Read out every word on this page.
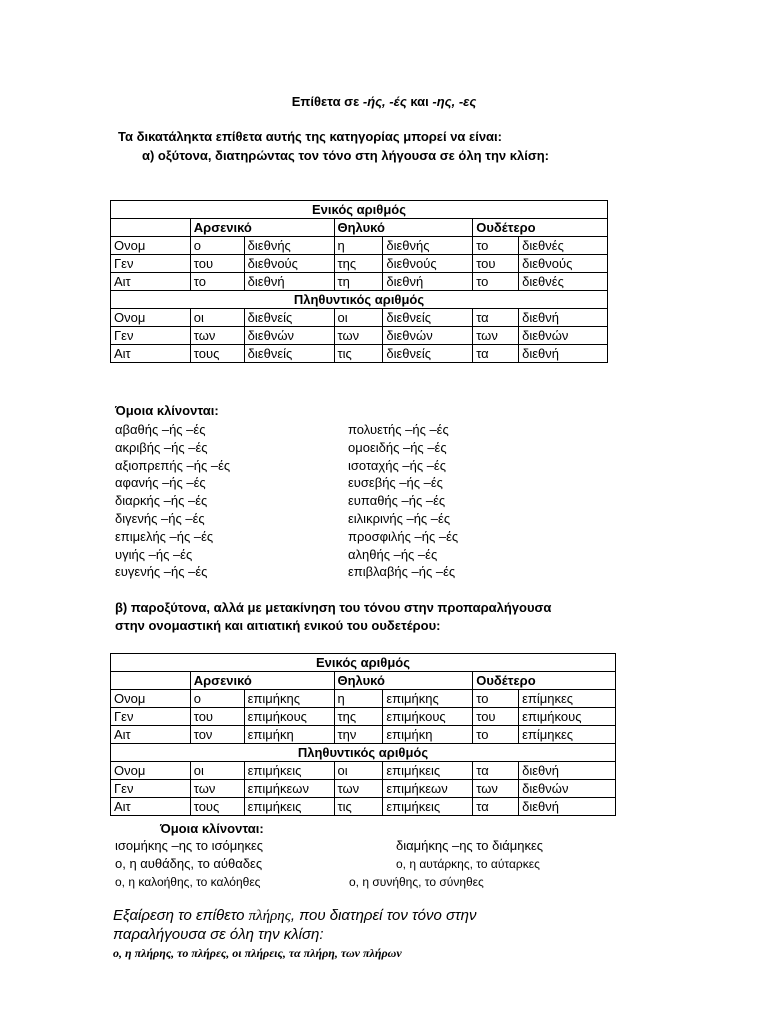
Επίθετα σε -ής, -ές και -ης, -ες
Τα δικατάληκτα επίθετα αυτής της κατηγορίας μπορεί να είναι:
α) οξύτονα, διατηρώντας τον τόνο στη λήγουσα σε όλη την κλίση:
Ενικός αριθμός						
	Αρσενικό		Θηλυκό		Ουδέτερο	
Ονομ	ο	διεθνής	η	διεθνής	το	διεθνές
Γεν	του	διεθνούς	της	διεθνούς	του	διεθνούς
Αιτ	το	διεθνή	τη	διεθνή	το	διεθνές
Πληθυντικός αριθμός						
Ονομ	οι	διεθνείς	οι	διεθνείς	τα	διεθνή
Γεν	των	διεθνών	των	διεθνών	των	διεθνών
Αιτ	τους	διεθνείς	τις	διεθνείς	τα	διεθνή
Όμοια κλίνονται:
αβαθής –ής –ές
ακριβής –ής –ές
αξιοπρεπής –ής –ές
αφανής –ής –ές
διαρκής –ής –ές
διγενής –ής –ές
επιμελής –ής –ές
υγιής –ής –ές
ευγενής –ής –ές
πολυετής –ής –ές
ομοειδής –ής –ές
ισοταχής –ής –ές
ευσεβής –ής –ές
ευπαθής –ής –ές
ειλικρινής –ής –ές
προσφιλής –ής –ές
αληθής –ής –ές
επιβλαβής –ής –ές
β) παροξύτονα, αλλά με μετακίνηση του τόνου στην προπαραλήγουσα
στην ονομαστική και αιτιατική ενικού του ουδετέρου:
Ενικός αριθμός						
	Αρσενικό		Θηλυκό		Ουδέτερο	
Ονομ	ο	επιμήκης	η	επιμήκης	το	επίμηκες
Γεν	του	επιμήκους	της	επιμήκους	του	επιμήκους
Αιτ	τον	επιμήκη	την	επιμήκη	το	επίμηκες
Πληθυντικός αριθμός						
Ονομ	οι	επιμήκεις	οι	επιμήκεις	τα	διεθνή
Γεν	των	επιμήκεων	των	επιμήκεων	των	διεθνών
Αιτ	τους	επιμήκεις	τις	επιμήκεις	τα	διεθνή
Όμοια κλίνονται:
ισομήκης –ης το ισόμηκες	διαμήκης –ης το διάμηκες
ο, η αυθάδης, το αύθαδες	ο, η αυτάρκης, το αύταρκες
ο, η καλοήθης, το καλόηθες	ο, η συνήθης, το σύνηθες
Εξαίρεση το επίθετο πλήρης, που διατηρεί τον τόνο στην
παραλήγουσα σε όλη την κλίση:
ο, η πλήρης, το πλήρες, οι πλήρεις, τα πλήρη, των πλήρων
